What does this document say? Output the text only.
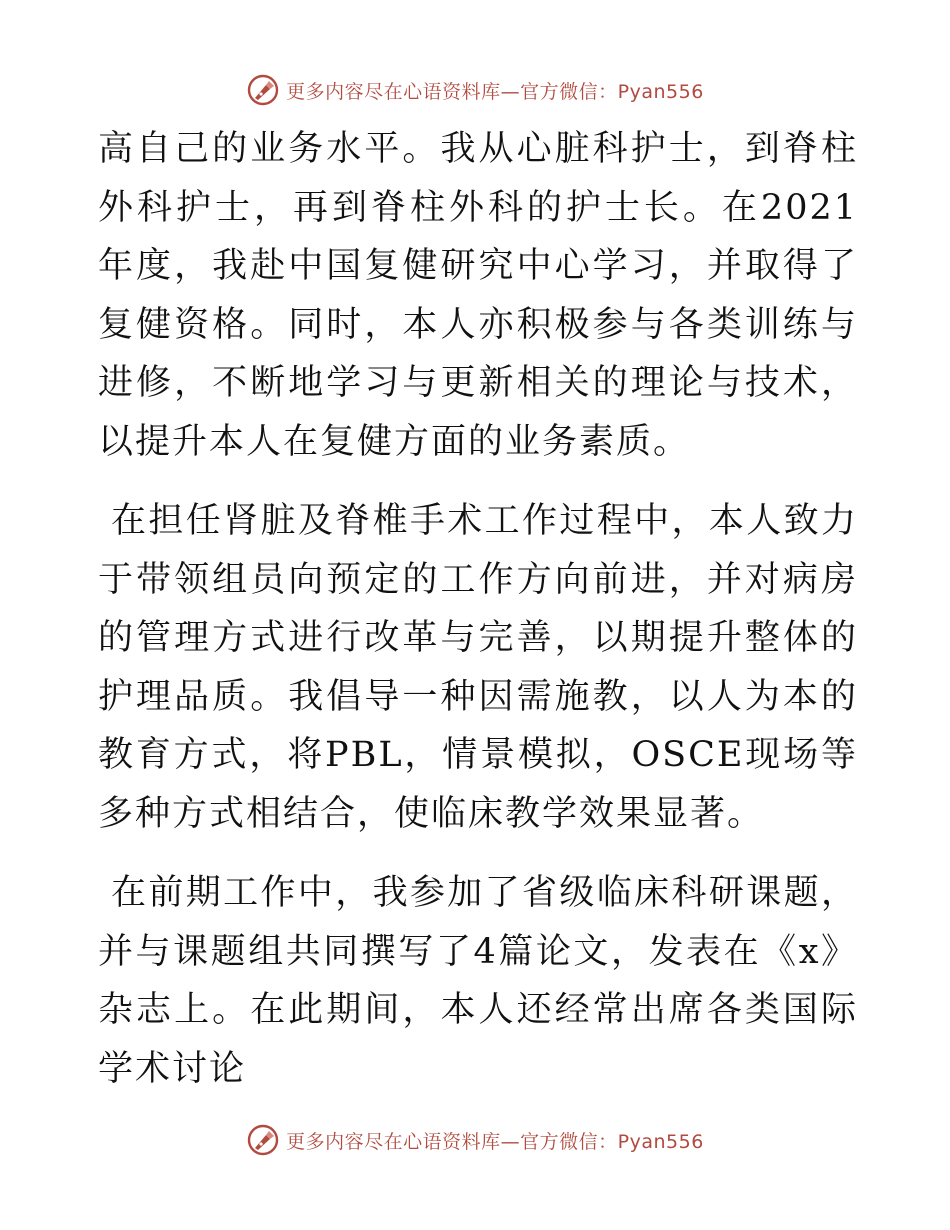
更多内容尽在心语资料库—官方微信：Pyan556

高自己的业务水平。我从心脏科护士，到脊柱外科护士，再到脊柱外科的护士长。在2021年度，我赴中国复健研究中心学习，并取得了复健资格。同时，本人亦积极参与各类训练与进修，不断地学习与更新相关的理论与技术，以提升本人在复健方面的业务素质。

在担任肾脏及脊椎手术工作过程中，本人致力于带领组员向预定的工作方向前进，并对病房的管理方式进行改革与完善，以期提升整体的护理品质。我倡导一种因需施教，以人为本的教育方式，将PBL，情景模拟，OSCE现场等多种方式相结合，使临床教学效果显著。

在前期工作中，我参加了省级临床科研课题，并与课题组共同撰写了4篇论文，发表在《x》杂志上。在此期间，本人还经常出席各类国际学术讨论

更多内容尽在心语资料库—官方微信：Pyan556
